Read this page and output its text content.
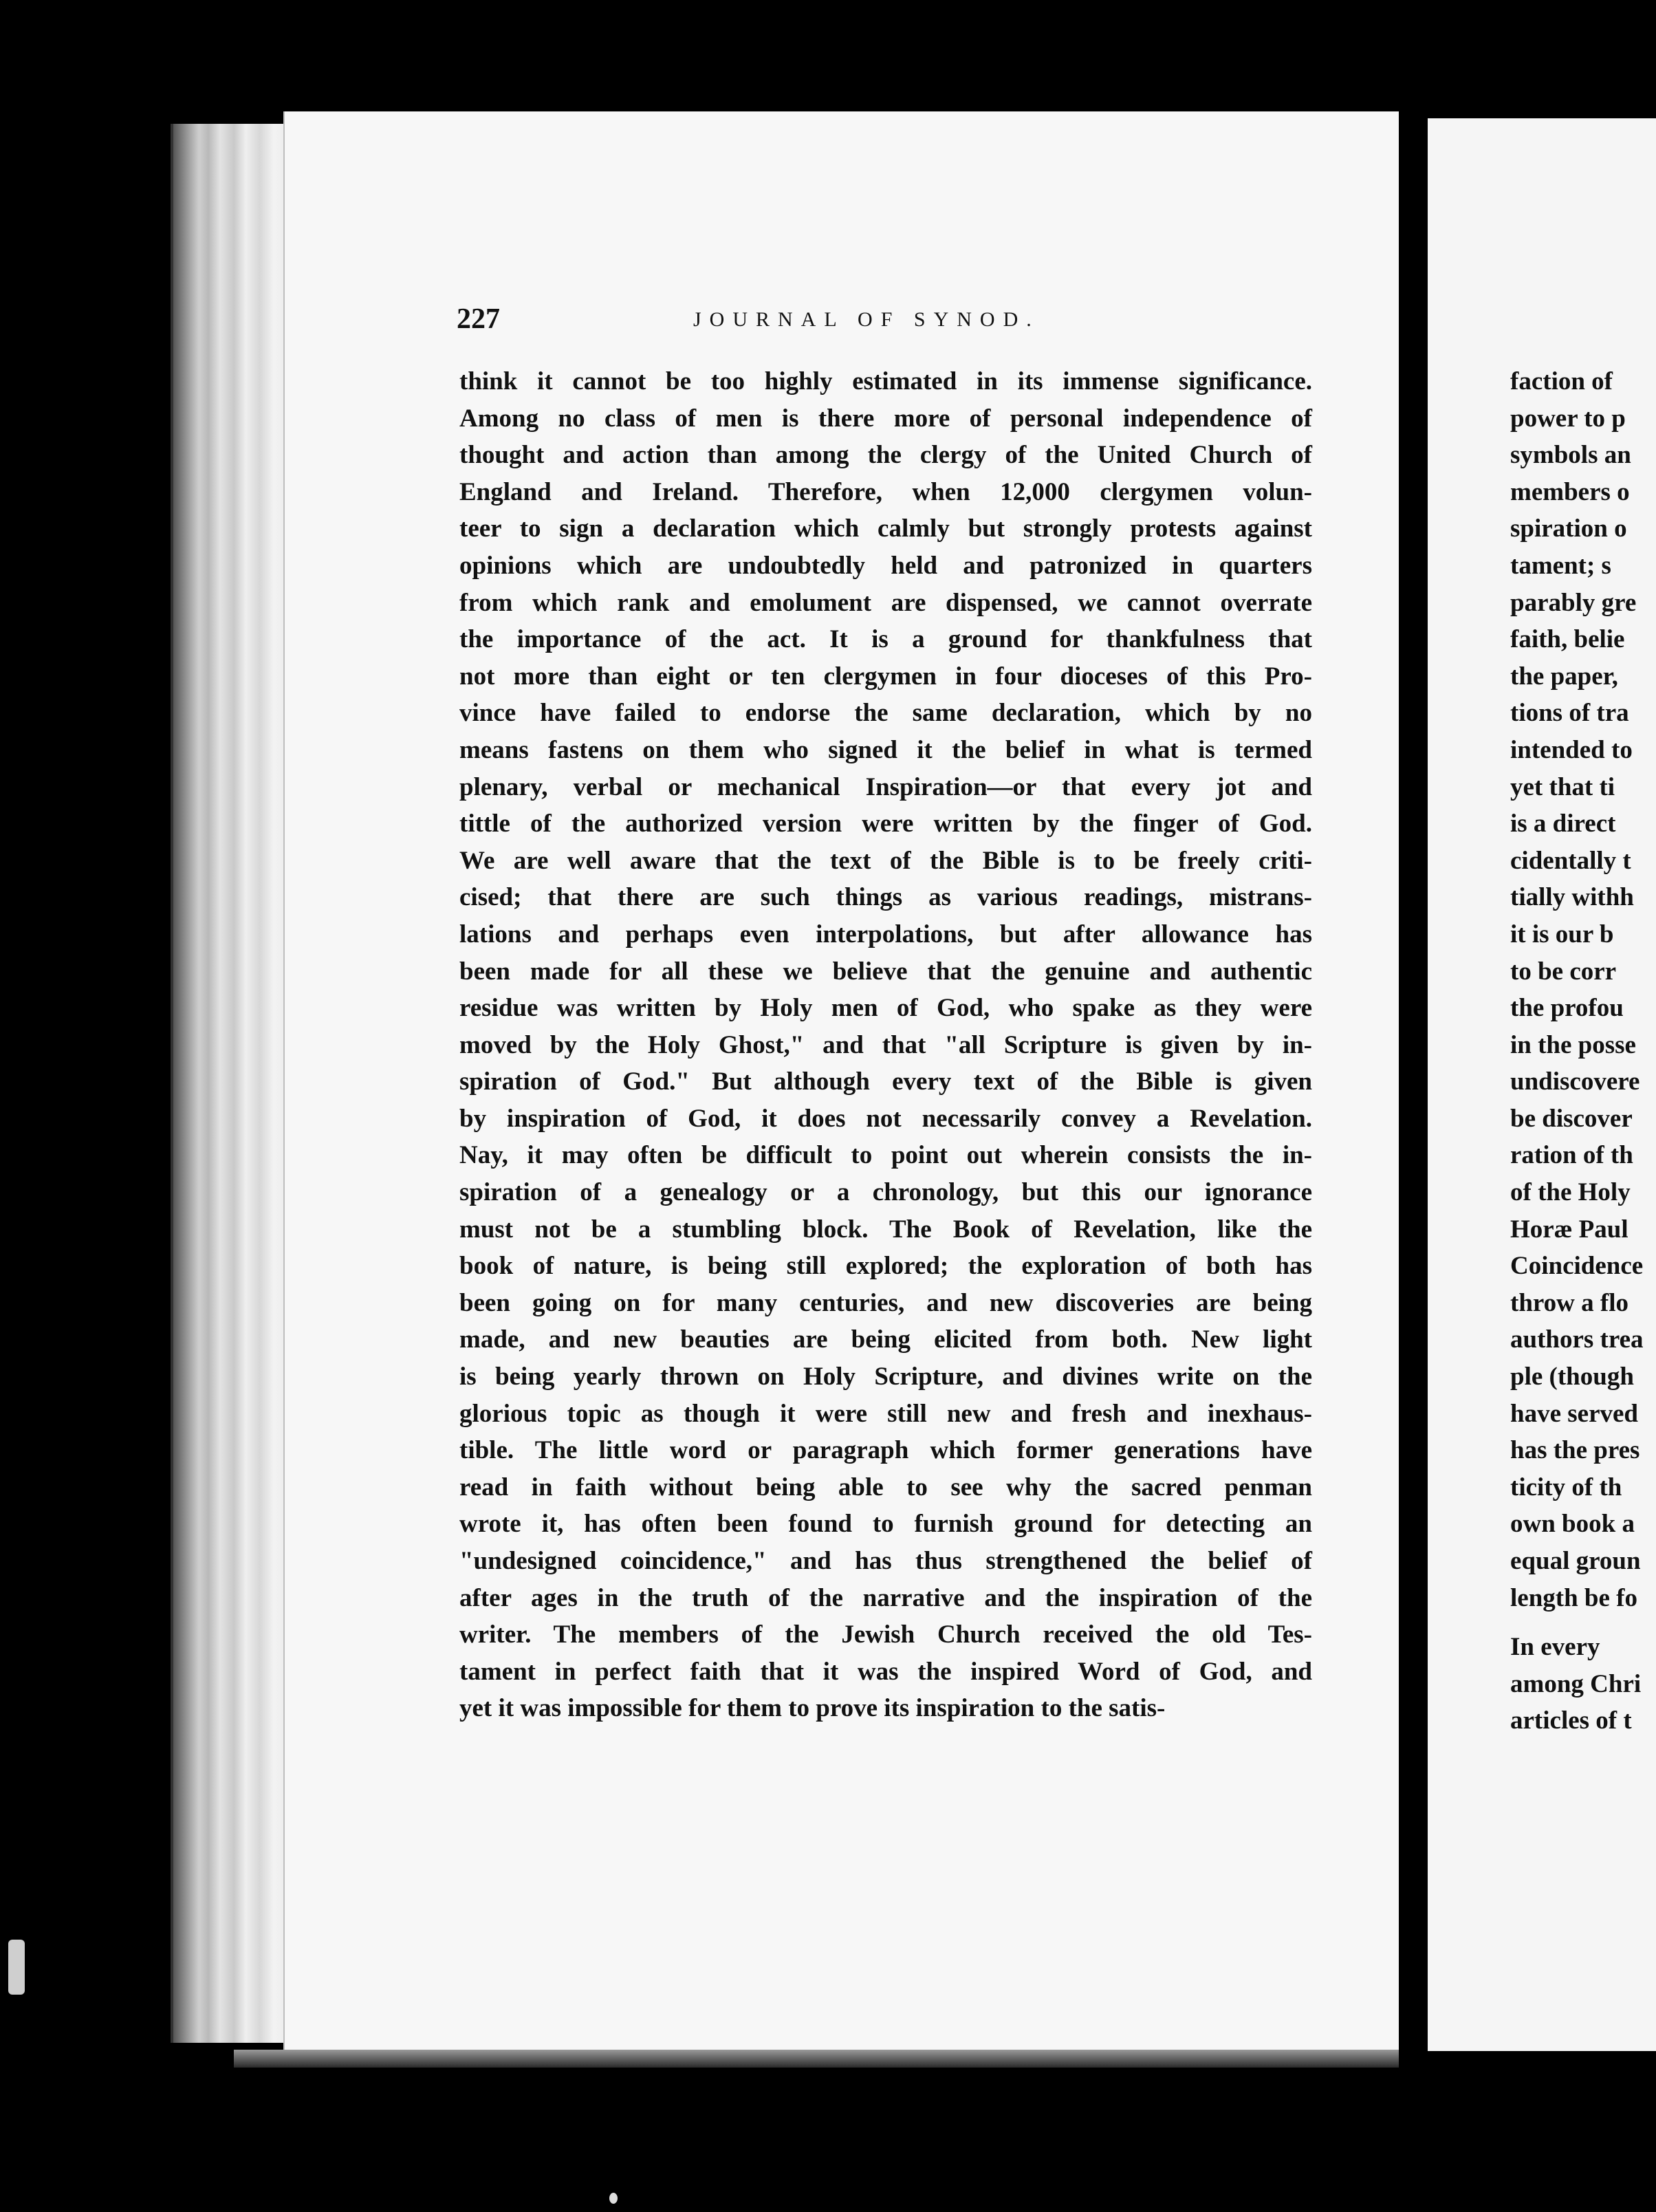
227	JOURNAL OF SYNOD.
think it cannot be too highly estimated in its immense significance.
Among no class of men is there more of personal independence of
thought and action than among the clergy of the United Church of
England and Ireland. Therefore, when 12,000 clergymen volun-
teer to sign a declaration which calmly but strongly protests against
opinions which are undoubtedly held and patronized in quarters
from which rank and emolument are dispensed, we cannot overrate
the importance of the act. It is a ground for thankfulness that
not more than eight or ten clergymen in four dioceses of this Pro-
vince have failed to endorse the same declaration, which by no
means fastens on them who signed it the belief in what is termed
plenary, verbal or mechanical Inspiration—or that every jot and
tittle of the authorized version were written by the finger of God.
We are well aware that the text of the Bible is to be freely criti-
cised; that there are such things as various readings, mistrans-
lations and perhaps even interpolations, but after allowance has
been made for all these we believe that the genuine and authentic
residue was written by Holy men of God, who spake as they were
moved by the Holy Ghost," and that "all Scripture is given by in-
spiration of God." But although every text of the Bible is given
by inspiration of God, it does not necessarily convey a Revelation.
Nay, it may often be difficult to point out wherein consists the in-
spiration of a genealogy or a chronology, but this our ignorance
must not be a stumbling block. The Book of Revelation, like the
book of nature, is being still explored; the exploration of both has
been going on for many centuries, and new discoveries are being
made, and new beauties are being elicited from both. New light
is being yearly thrown on Holy Scripture, and divines write on the
glorious topic as though it were still new and fresh and inexhaus-
tible. The little word or paragraph which former generations have
read in faith without being able to see why the sacred penman
wrote it, has often been found to furnish ground for detecting an
"undesigned coincidence," and has thus strengthened the belief of
after ages in the truth of the narrative and the inspiration of the
writer. The members of the Jewish Church received the old Tes-
tament in perfect faith that it was the inspired Word of God, and
yet it was impossible for them to prove its inspiration to the satis-
faction of
power to p
symbols an
members o
spiration o
tament; s
parably gre
faith, belie
the paper,
tions of tra
intended to
yet that ti
is a direct
cidentally t
tially withh
it is our b
to be corr
the profou
in the posse
undiscovere
be discover
ration of th
of the Holy
Horæ Paul
Coincidence
throw a flo
authors trea
ple (though
have served
has the pres
ticity of th
own book a
equal groun
length be fo
In every
among Chri
articles of t
